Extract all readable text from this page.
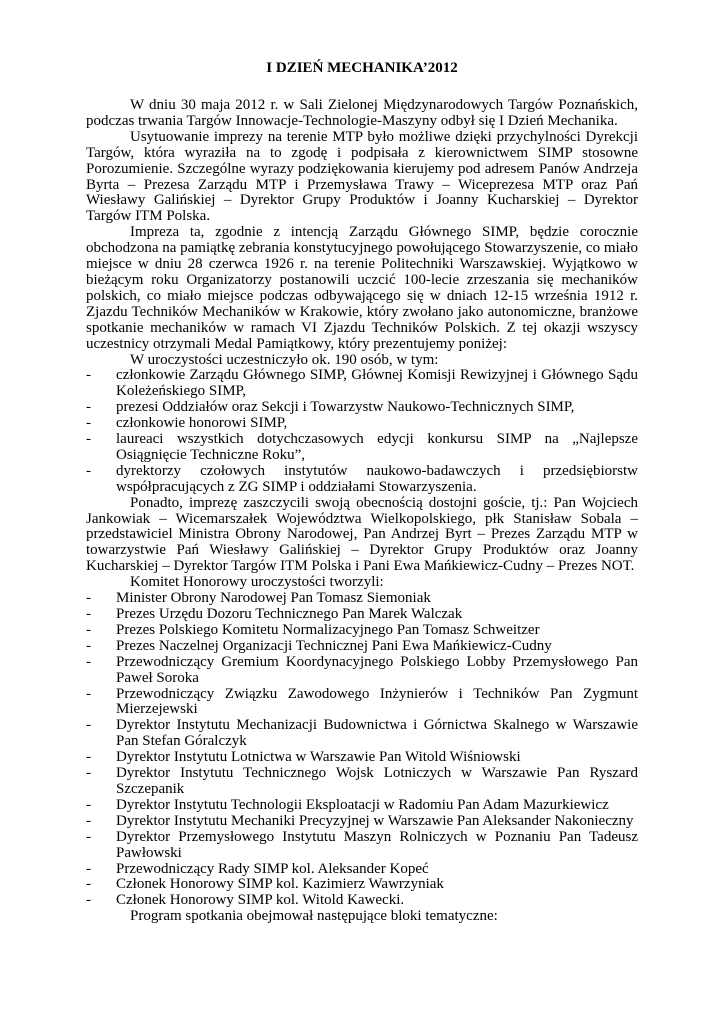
I DZIEŃ MECHANIKA’2012

W dniu 30 maja 2012 r. w Sali Zielonej Międzynarodowych Targów Poznańskich, podczas trwania Targów Innowacje-Technologie-Maszyny odbył się I Dzień Mechanika.

Usytuowanie imprezy na terenie MTP było możliwe dzięki przychylności Dyrekcji Targów, która wyraziła na to zgodę i podpisała z kierownictwem SIMP stosowne Porozumienie. Szczególne wyrazy podziękowania kierujemy pod adresem Panów Andrzeja Byrta – Prezesa Zarządu MTP i Przemysława Trawy – Wiceprezesa MTP oraz Pań Wiesławy Galińskiej – Dyrektor Grupy Produktów i Joanny Kucharskiej – Dyrektor Targów ITM Polska.

Impreza ta, zgodnie z intencją Zarządu Głównego SIMP, będzie corocznie obchodzona na pamiątkę zebrania konstytucyjnego powołującego Stowarzyszenie, co miało miejsce w dniu 28 czerwca 1926 r. na terenie Politechniki Warszawskiej. Wyjątkowo w bieżącym roku Organizatorzy postanowili uczcić 100-lecie zrzeszania się mechaników polskich, co miało miejsce podczas odbywającego się w dniach 12-15 września 1912 r. Zjazdu Techników Mechaników w Krakowie, który zwołano jako autonomiczne, branżowe spotkanie mechaników w ramach VI Zjazdu Techników Polskich. Z tej okazji wszyscy uczestnicy otrzymali Medal Pamiątkowy, który prezentujemy poniżej:

W uroczystości uczestniczyło ok. 190 osób, w tym:

- członkowie Zarządu Głównego SIMP, Głównej Komisji Rewizyjnej i Głównego Sądu Koleżeńskiego SIMP,
- prezesi Oddziałów oraz Sekcji i Towarzystw Naukowo-Technicznych SIMP,
- członkowie honorowi SIMP,
- laureaci wszystkich dotychczasowych edycji konkursu SIMP na „Najlepsze Osiągnięcie Techniczne Roku”,
- dyrektorzy czołowych instytutów naukowo-badawczych i przedsiębiorstw współpracujących z ZG SIMP i oddziałami Stowarzyszenia.

Ponadto, imprezę zaszczycili swoją obecnością dostojni goście, tj.: Pan Wojciech Jankowiak – Wicemarszałek Województwa Wielkopolskiego, płk Stanisław Sobala – przedstawiciel Ministra Obrony Narodowej, Pan Andrzej Byrt – Prezes Zarządu MTP w towarzystwie Pań Wiesławy Galińskiej – Dyrektor Grupy Produktów oraz Joanny Kucharskiej – Dyrektor Targów ITM Polska i Pani Ewa Mańkiewicz-Cudny – Prezes NOT.

Komitet Honorowy uroczystości tworzyli:

- Minister Obrony Narodowej Pan Tomasz Siemoniak
- Prezes Urzędu Dozoru Technicznego Pan Marek Walczak
- Prezes Polskiego Komitetu Normalizacyjnego Pan Tomasz Schweitzer
- Prezes Naczelnej Organizacji Technicznej Pani Ewa Mańkiewicz-Cudny
- Przewodniczący Gremium Koordynacyjnego Polskiego Lobby Przemysłowego Pan Paweł Soroka
- Przewodniczący Związku Zawodowego Inżynierów i Techników Pan Zygmunt Mierzejewski
- Dyrektor Instytutu Mechanizacji Budownictwa i Górnictwa Skalnego w Warszawie Pan Stefan Góralczyk
- Dyrektor Instytutu Lotnictwa w Warszawie Pan Witold Wiśniowski
- Dyrektor Instytutu Technicznego Wojsk Lotniczych w Warszawie Pan Ryszard Szczepanik
- Dyrektor Instytutu Technologii Eksploatacji w Radomiu Pan Adam Mazurkiewicz
- Dyrektor Instytutu Mechaniki Precyzyjnej w Warszawie Pan Aleksander Nakonieczny
- Dyrektor Przemysłowego Instytutu Maszyn Rolniczych w Poznaniu Pan Tadeusz Pawłowski
- Przewodniczący Rady SIMP kol. Aleksander Kopeć
- Członek Honorowy SIMP kol. Kazimierz Wawrzyniak
- Członek Honorowy SIMP kol. Witold Kawecki.

Program spotkania obejmował następujące bloki tematyczne:
